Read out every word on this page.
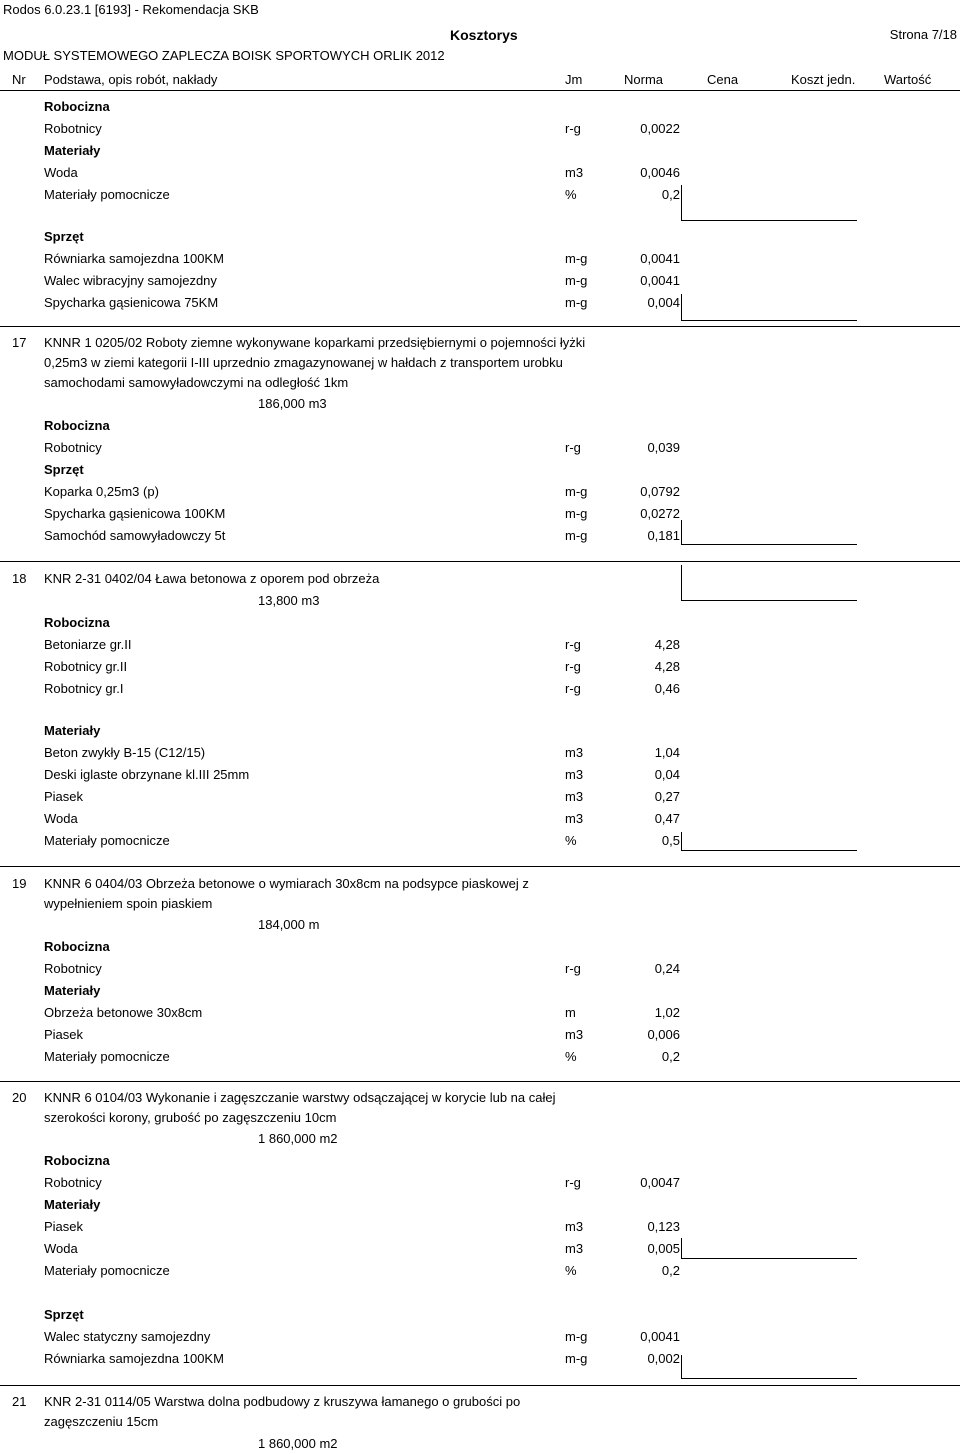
Rodos 6.0.23.1 [6193] - Rekomendacja SKB
Kosztorys	Strona 7/18
MODUŁ SYSTEMOWEGO ZAPLECZA BOISK SPORTOWYCH ORLIK 2012
Nr Podstawa, opis robót, nakłady	Jm	Norma	Cena	Koszt jedn. Wartość
Robocizna
Robotnicy	r-g	0,0022
Materiały
Woda	m3	0,0046
Materiały pomocnicze	%	0,2
Sprzęt
Równiarka samojezdna 100KM	m-g	0,0041
Walec wibracyjny samojezdny	m-g	0,0041
Spycharka gąsienicowa 75KM	m-g	0,004
17 KNNR 1 0205/02 Roboty ziemne wykonywane koparkami przedsiębiernymi o pojemności łyżki
0,25m3 w ziemi kategorii I-III uprzednio zmagazynowanej w hałdach z transportem urobku
samochodami samowyładowczymi na odległość 1km
186,000 m3
Robocizna
Robotnicy	r-g	0,039
Sprzęt
Koparka 0,25m3 (p)	m-g	0,0792
Spycharka gąsienicowa 100KM	m-g	0,0272
Samochód samowyładowczy 5t	m-g	0,181
18 KNR 2-31 0402/04 Ława betonowa z oporem pod obrzeża
13,800 m3
Robocizna
Betoniarze gr.II	r-g	4,28
Robotnicy gr.II	r-g	4,28
Robotnicy gr.I	r-g	0,46
Materiały
Beton zwykły B-15 (C12/15)	m3	1,04
Deski iglaste obrzynane kl.III 25mm	m3	0,04
Piasek	m3	0,27
Woda	m3	0,47
Materiały pomocnicze	%	0,5
19 KNNR 6 0404/03 Obrzeża betonowe o wymiarach 30x8cm na podsypce piaskowej z
wypełnieniem spoin piaskiem
184,000 m
Robocizna
Robotnicy	r-g	0,24
Materiały
Obrzeża betonowe 30x8cm	m	1,02
Piasek	m3	0,006
Materiały pomocnicze	%	0,2
20 KNNR 6 0104/03 Wykonanie i zagęszczanie warstwy odsączającej w korycie lub na całej
szerokości korony, grubość po zagęszczeniu 10cm
1 860,000 m2
Robocizna
Robotnicy	r-g	0,0047
Materiały
Piasek	m3	0,123
Woda	m3	0,005
Materiały pomocnicze	%	0,2
Sprzęt
Walec statyczny samojezdny	m-g	0,0041
Równiarka samojezdna 100KM	m-g	0,002
21 KNR 2-31 0114/05 Warstwa dolna podbudowy z kruszywa łamanego o grubości po
zagęszczeniu 15cm
1 860,000 m2
